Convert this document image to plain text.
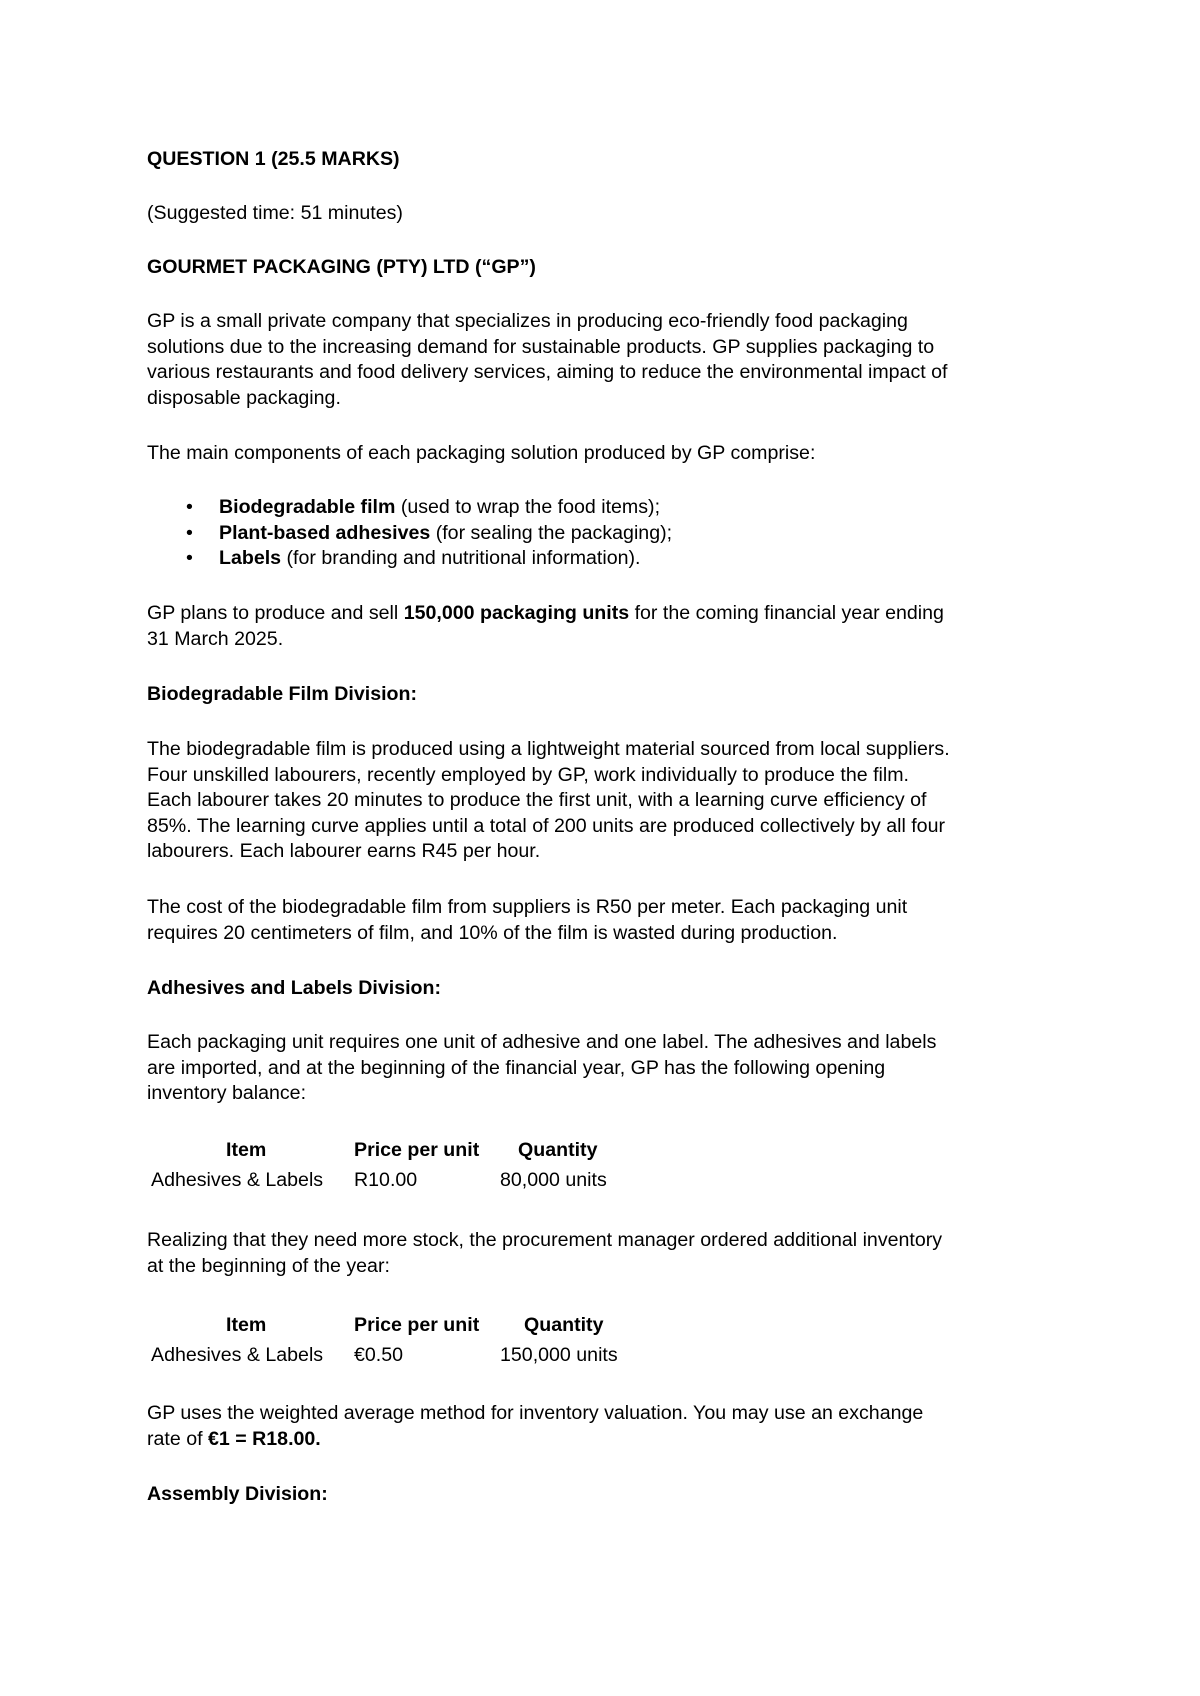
QUESTION 1 (25.5 MARKS)

(Suggested time: 51 minutes)

GOURMET PACKAGING (PTY) LTD (“GP”)

GP is a small private company that specializes in producing eco-friendly food packaging
solutions due to the increasing demand for sustainable products. GP supplies packaging to
various restaurants and food delivery services, aiming to reduce the environmental impact of
disposable packaging.

The main components of each packaging solution produced by GP comprise:

• Biodegradable film (used to wrap the food items);
• Plant-based adhesives (for sealing the packaging);
• Labels (for branding and nutritional information).

GP plans to produce and sell 150,000 packaging units for the coming financial year ending
31 March 2025.

Biodegradable Film Division:

The biodegradable film is produced using a lightweight material sourced from local suppliers.
Four unskilled labourers, recently employed by GP, work individually to produce the film.
Each labourer takes 20 minutes to produce the first unit, with a learning curve efficiency of
85%. The learning curve applies until a total of 200 units are produced collectively by all four
labourers. Each labourer earns R45 per hour.

The cost of the biodegradable film from suppliers is R50 per meter. Each packaging unit
requires 20 centimeters of film, and 10% of the film is wasted during production.

Adhesives and Labels Division:

Each packaging unit requires one unit of adhesive and one label. The adhesives and labels
are imported, and at the beginning of the financial year, GP has the following opening
inventory balance:

Item	Price per unit Quantity
Adhesives & Labels R10.00	80,000 units

Realizing that they need more stock, the procurement manager ordered additional inventory
at the beginning of the year:

Item	Price per unit Quantity
Adhesives & Labels €0.50	150,000 units

GP uses the weighted average method for inventory valuation. You may use an exchange
rate of €1 = R18.00.

Assembly Division:
